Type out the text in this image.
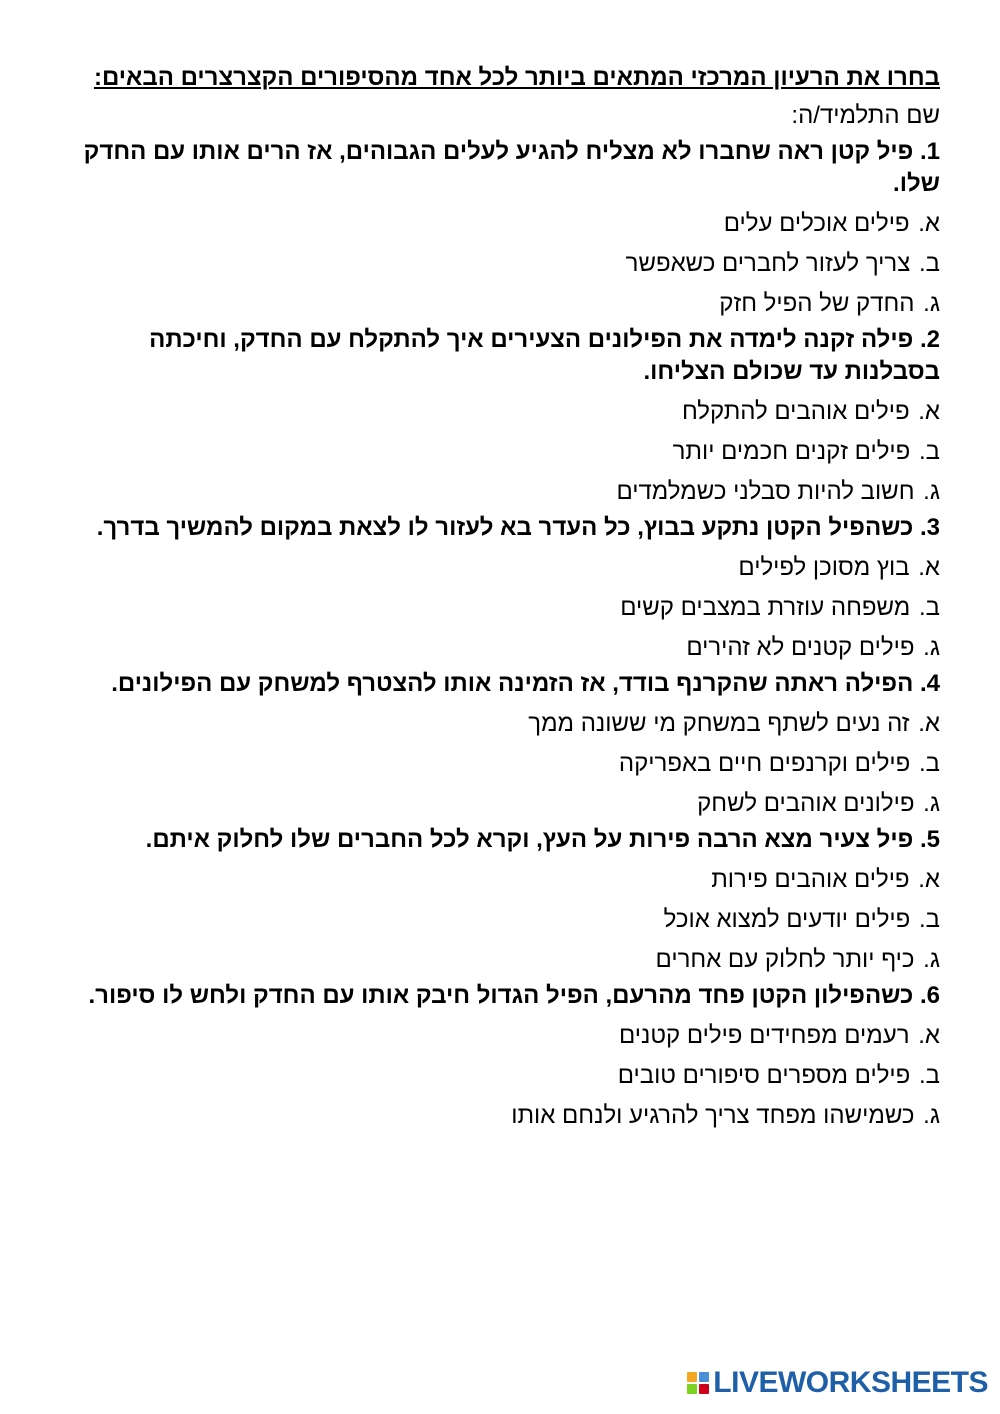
בחרו את הרעיון המרכזי המתאים ביותר לכל אחד מהסיפורים הקצרצרים הבאים:
שם התלמיד/ה:

1. פיל קטן ראה שחברו לא מצליח להגיע לעלים הגבוהים, אז הרים אותו עם החדק שלו.

א. פילים אוכלים עלים
ב. צריך לעזור לחברים כשאפשר
ג. החדק של הפיל חזק

2. פילה זקנה לימדה את הפילונים הצעירים איך להתקלח עם החדק, וחיכתה בסבלנות עד שכולם הצליחו.

א. פילים אוהבים להתקלח
ב. פילים זקנים חכמים יותר
ג. חשוב להיות סבלני כשמלמדים

3. כשהפיל הקטן נתקע בבוץ, כל העדר בא לעזור לו לצאת במקום להמשיך בדרך.

א. בוץ מסוכן לפילים
ב. משפחה עוזרת במצבים קשים
ג. פילים קטנים לא זהירים

4. הפילה ראתה שהקרנף בודד, אז הזמינה אותו להצטרף למשחק עם הפילונים.

א. זה נעים לשתף במשחק מי ששונה ממך
ב. פילים וקרנפים חיים באפריקה
ג. פילונים אוהבים לשחק

5. פיל צעיר מצא הרבה פירות על העץ, וקרא לכל החברים שלו לחלוק איתם.

א. פילים אוהבים פירות
ב. פילים יודעים למצוא אוכל
ג. כיף יותר לחלוק עם אחרים

6. כשהפילון הקטן פחד מהרעם, הפיל הגדול חיבק אותו עם החדק ולחש לו סיפור.

א. רעמים מפחידים פילים קטנים
ב. פילים מספרים סיפורים טובים
ג. כשמישהו מפחד צריך להרגיע ולנחם אותו
LIVEWORKSHEETS
